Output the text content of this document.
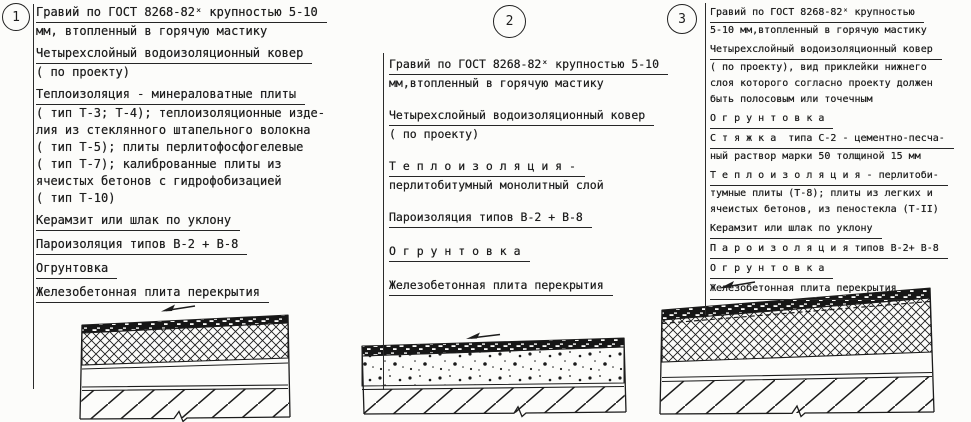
1	2	3
Гравий по ГОСТ 8268-82ˣ крупностью 5-10
мм, втопленный в горячую мастику
Четырехслойный водоизоляционный ковер
( по проекту)
Теплоизоляция - минераловатные плиты
( тип Т-3; Т-4); теплоизоляционные изде-
лия из стеклянного штапельного волокна
( тип Т-5); плиты перлитофосфогелевые
( тип Т-7); калиброванные плиты из
ячеистых бетонов с гидрофобизацией
( тип Т-10)
Керамзит или шлак по уклону
Пароизоляция типов В-2 + В-8
Огрунтовка
Железобетонная плита перекрытия
Гравий по ГОСТ 8268-82ˣ крупностью 5-10
мм,втопленный в горячую мастику
Четырехслойный водоизоляционный ковер
( по проекту)
Т е п л о и з о л я ц и я -
перлитобитумный монолитный слой
Пароизоляция типов В-2 + В-8
О г р у н т о в к а
Железобетонная плита перекрытия
Гравий по ГОСТ 8268-82ˣ крупностью
5-10 мм,втопленный в горячую мастику
Четырехслойный водоизоляционный ковер
( по проекту), вид приклейки нижнего
слоя которого согласно проекту должен
быть полосовым или точечным
О г р у н т о в к а
С т я ж к а  типа С-2 - цементно-песча-
ный раствор марки 50 толщиной 15 мм
Т е п л о и з о л я ц и я - перлитоби-
тумные плиты (Т-8); плиты из легких и
ячеистых бетонов, из пеностекла (Т-II)
Керамзит или шлак по уклону
П а р о и з о л я ц и я типов В-2+ В-8
О г р у н т о в к а
Железобетонная плита перекрытия
